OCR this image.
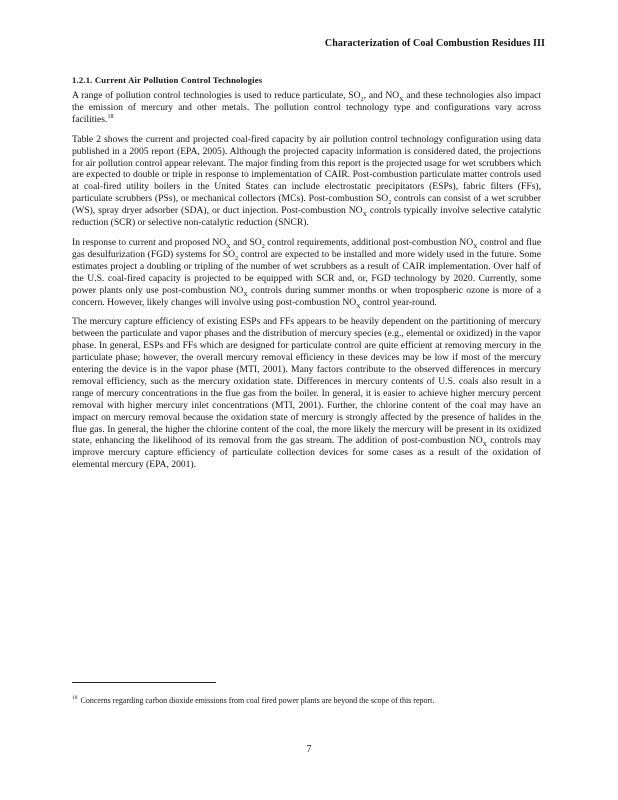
Characterization of Coal Combustion Residues III
1.2.1. Current Air Pollution Control Technologies

A range of pollution control technologies is used to reduce particulate, $SO_2$, and $NO_X$ and these technologies also impact the emission of mercury and other metals. The pollution control technology type and configurations vary across facilities.$^{18}$

Table 2 shows the current and projected coal-fired capacity by air pollution control technology configuration using data published in a 2005 report (EPA, 2005). Although the projected capacity information is considered dated, the projections for air pollution control appear relevant. The major finding from this report is the projected usage for wet scrubbers which are expected to double or triple in response to implementation of CAIR. Post-combustion particulate matter controls used at coal-fired utility boilers in the United States can include electrostatic precipitators (ESPs), fabric filters (FFs), particulate scrubbers (PSs), or mechanical collectors (MCs). Post-combustion $SO_2$ controls can consist of a wet scrubber (WS), spray dryer adsorber (SDA), or duct injection. Post-combustion $NO_X$ controls typically involve selective catalytic reduction (SCR) or selective non-catalytic reduction (SNCR).

In response to current and proposed $NO_X$ and $SO_2$ control requirements, additional post-combustion $NO_X$ control and flue gas desulfurization (FGD) systems for $SO_2$ control are expected to be installed and more widely used in the future. Some estimates project a doubling or tripling of the number of wet scrubbers as a result of CAIR implementation. Over half of the U.S. coal-fired capacity is projected to be equipped with SCR and, or, FGD technology by 2020. Currently, some power plants only use post-combustion $NO_X$ controls during summer months or when tropospheric ozone is more of a concern. However, likely changes will involve using post-combustion $NO_X$ control year-round.

The mercury capture efficiency of existing ESPs and FFs appears to be heavily dependent on the partitioning of mercury between the particulate and vapor phases and the distribution of mercury species (e.g., elemental or oxidized) in the vapor phase. In general, ESPs and FFs which are designed for particulate control are quite efficient at removing mercury in the particulate phase; however, the overall mercury removal efficiency in these devices may be low if most of the mercury entering the device is in the vapor phase (MTI, 2001). Many factors contribute to the observed differences in mercury removal efficiency, such as the mercury oxidation state. Differences in mercury contents of U.S. coals also result in a range of mercury concentrations in the flue gas from the boiler. In general, it is easier to achieve higher mercury percent removal with higher mercury inlet concentrations (MTI, 2001). Further, the chlorine content of the coal may have an impact on mercury removal because the oxidation state of mercury is strongly affected by the presence of halides in the flue gas. In general, the higher the chlorine content of the coal, the more likely the mercury will be present in its oxidized state, enhancing the likelihood of its removal from the gas stream. The addition of post-combustion $NO_X$ controls may improve mercury capture efficiency of particulate collection devices for some cases as a result of the oxidation of elemental mercury (EPA, 2001).

$^{18}$ Concerns regarding carbon dioxide emissions from coal fired power plants are beyond the scope of this report.
7
